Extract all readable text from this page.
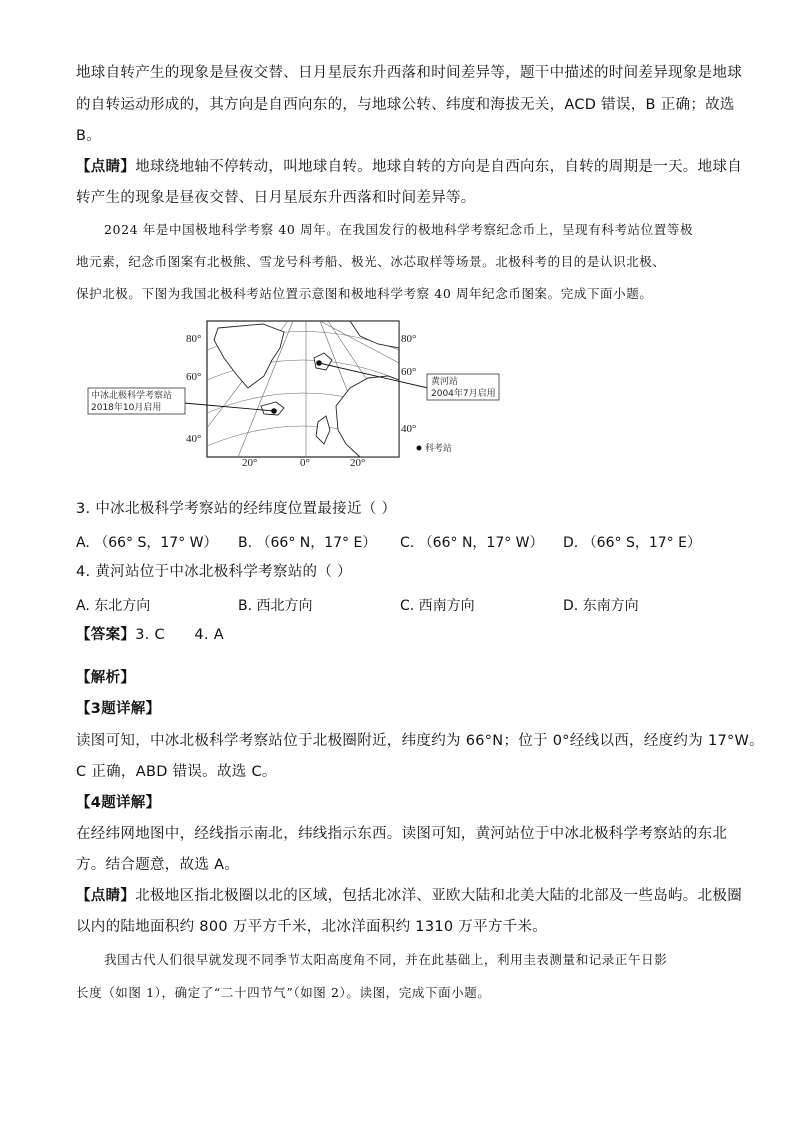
地球自转产生的现象是昼夜交替、日月星辰东升西落和时间差异等，题干中描述的时间差异现象是地球
的自转运动形成的，其方向是自西向东的，与地球公转、纬度和海拔无关，ACD 错误，B 正确；故选
B。
【点睛】地球绕地轴不停转动，叫地球自转。地球自转的方向是自西向东，自转的周期是一天。地球自
转产生的现象是昼夜交替、日月星辰东升西落和时间差异等。
2024 年是中国极地科学考察 40 周年。在我国发行的极地科学考察纪念币上，呈现有科考站位置等极
地元素，纪念币图案有北极熊、雪龙号科考船、极光、冰芯取样等场景。北极科考的目的是认识北极、
保护北极。下图为我国北极科考站位置示意图和极地科学考察 40 周年纪念币图案。完成下面小题。
中冰北极科学考察站
2018年10月启用
黄河站
2004年7月启用
80°
60°
40°
80°
60°
40°
20°	0°	20°
科考站
3. 中冰北极科学考察站的经纬度位置最接近（ ）
A. （66° S，17° W） B. （66° N，17° E） C. （66° N，17° W） D. （66° S，17° E）
4. 黄河站位于中冰北极科学考察站的（ ）
A. 东北方向	B. 西北方向	C. 西南方向	D. 东南方向
【答案】3. C      4. A
【解析】
【3题详解】
读图可知，中冰北极科学考察站位于北极圈附近，纬度约为 66°N；位于 0°经线以西，经度约为 17°W。
C 正确，ABD 错误。故选 C。
【4题详解】
在经纬网地图中，经线指示南北，纬线指示东西。读图可知，黄河站位于中冰北极科学考察站的东北
方。结合题意，故选 A。
【点睛】北极地区指北极圈以北的区域，包括北冰洋、亚欧大陆和北美大陆的北部及一些岛屿。北极圈
以内的陆地面积约 800 万平方千米，北冰洋面积约 1310 万平方千米。
我国古代人们很早就发现不同季节太阳高度角不同，并在此基础上，利用圭表测量和记录正午日影
长度（如图 1），确定了“二十四节气”（如图 2）。读图，完成下面小题。
